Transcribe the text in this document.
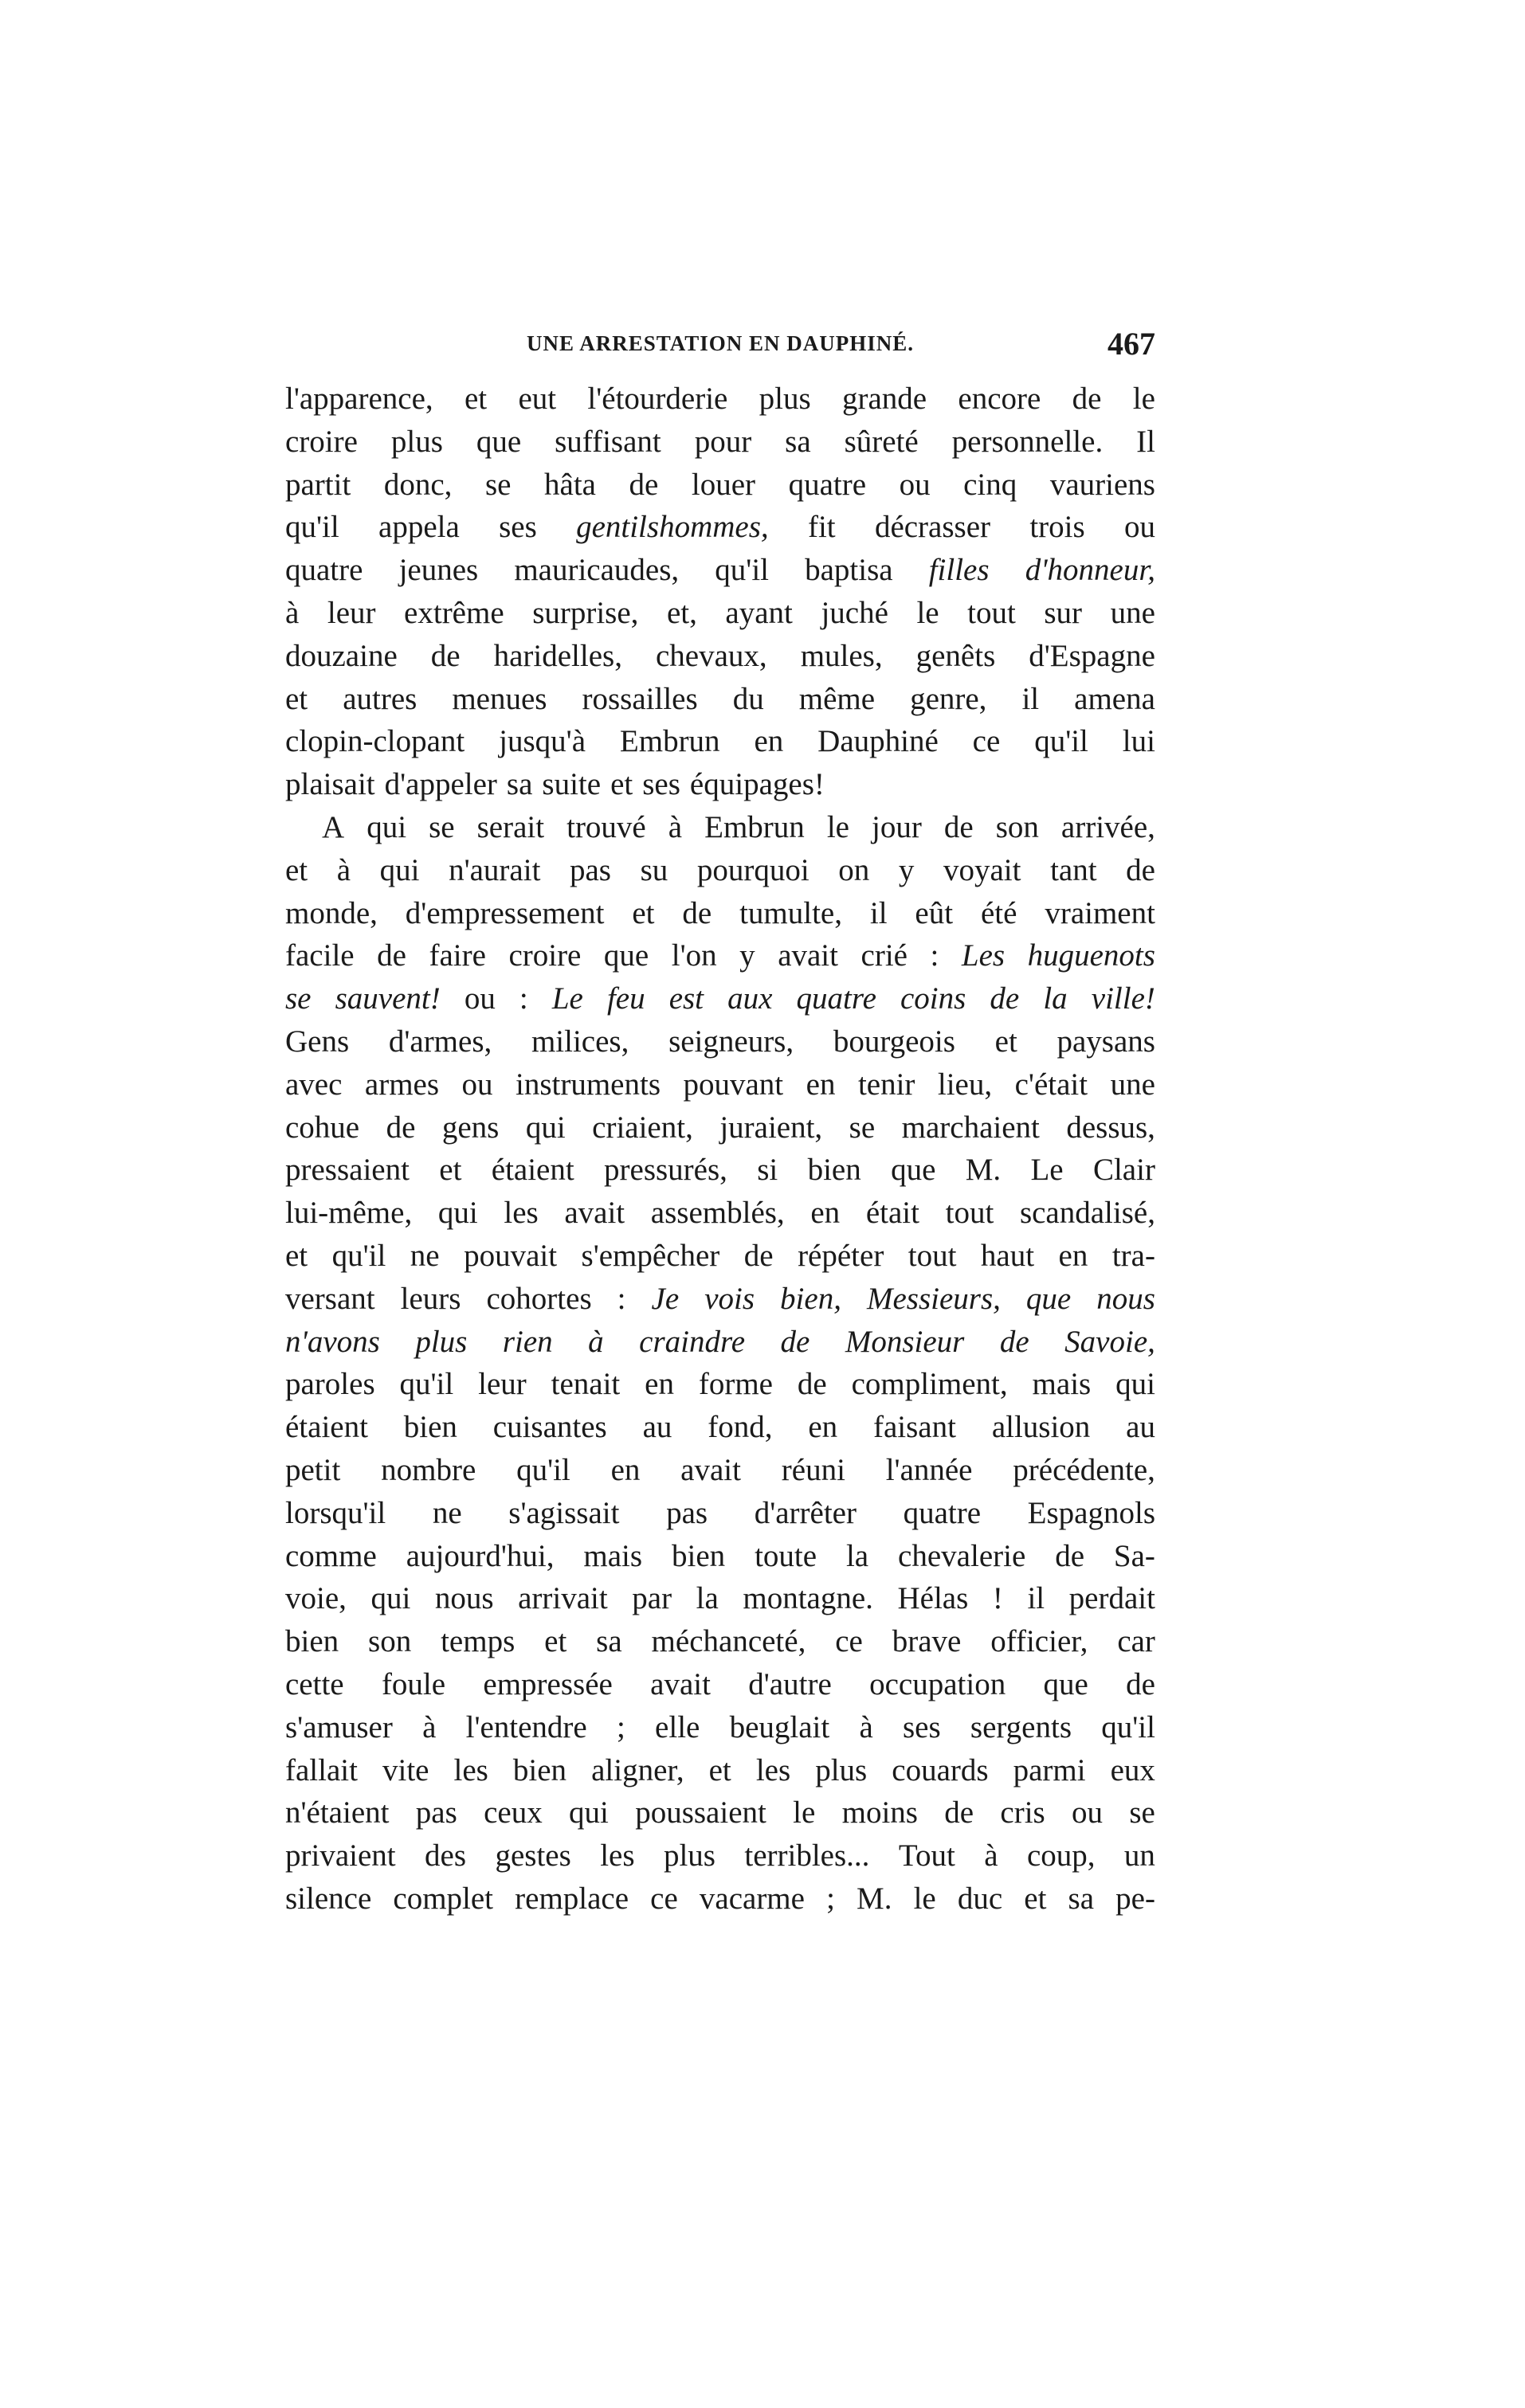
UNE ARRESTATION EN DAUPHINÉ.	467
l'apparence, et eut l'étourderie plus grande encore de le
croire plus que suffisant pour sa sûreté personnelle. Il
partit donc, se hâta de louer quatre ou cinq vauriens
qu'il appela ses gentilshommes, fit décrasser trois ou
quatre jeunes mauricaudes, qu'il baptisa filles d'honneur,
à leur extrême surprise, et, ayant juché le tout sur une
douzaine de haridelles, chevaux, mules, genêts d'Espagne
et autres menues rossailles du même genre, il amena
clopin-clopant jusqu'à Embrun en Dauphiné ce qu'il lui
plaisait d'appeler sa suite et ses équipages!
A qui se serait trouvé à Embrun le jour de son arrivée,
et à qui n'aurait pas su pourquoi on y voyait tant de
monde, d'empressement et de tumulte, il eût été vraiment
facile de faire croire que l'on y avait crié : Les huguenots
se sauvent! ou : Le feu est aux quatre coins de la ville!
Gens d'armes, milices, seigneurs, bourgeois et paysans
avec armes ou instruments pouvant en tenir lieu, c'était une
cohue de gens qui criaient, juraient, se marchaient dessus,
pressaient et étaient pressurés, si bien que M. Le Clair
lui-même, qui les avait assemblés, en était tout scandalisé,
et qu'il ne pouvait s'empêcher de répéter tout haut en tra-
versant leurs cohortes : Je vois bien, Messieurs, que nous
n'avons plus rien à craindre de Monsieur de Savoie,
paroles qu'il leur tenait en forme de compliment, mais qui
étaient bien cuisantes au fond, en faisant allusion au
petit nombre qu'il en avait réuni l'année précédente,
lorsqu'il ne s'agissait pas d'arrêter quatre Espagnols
comme aujourd'hui, mais bien toute la chevalerie de Sa-
voie, qui nous arrivait par la montagne. Hélas ! il perdait
bien son temps et sa méchanceté, ce brave officier, car
cette foule empressée avait d'autre occupation que de
s'amuser à l'entendre ; elle beuglait à ses sergents qu'il
fallait vite les bien aligner, et les plus couards parmi eux
n'étaient pas ceux qui poussaient le moins de cris ou se
privaient des gestes les plus terribles... Tout à coup, un
silence complet remplace ce vacarme ; M. le duc et sa pe-
